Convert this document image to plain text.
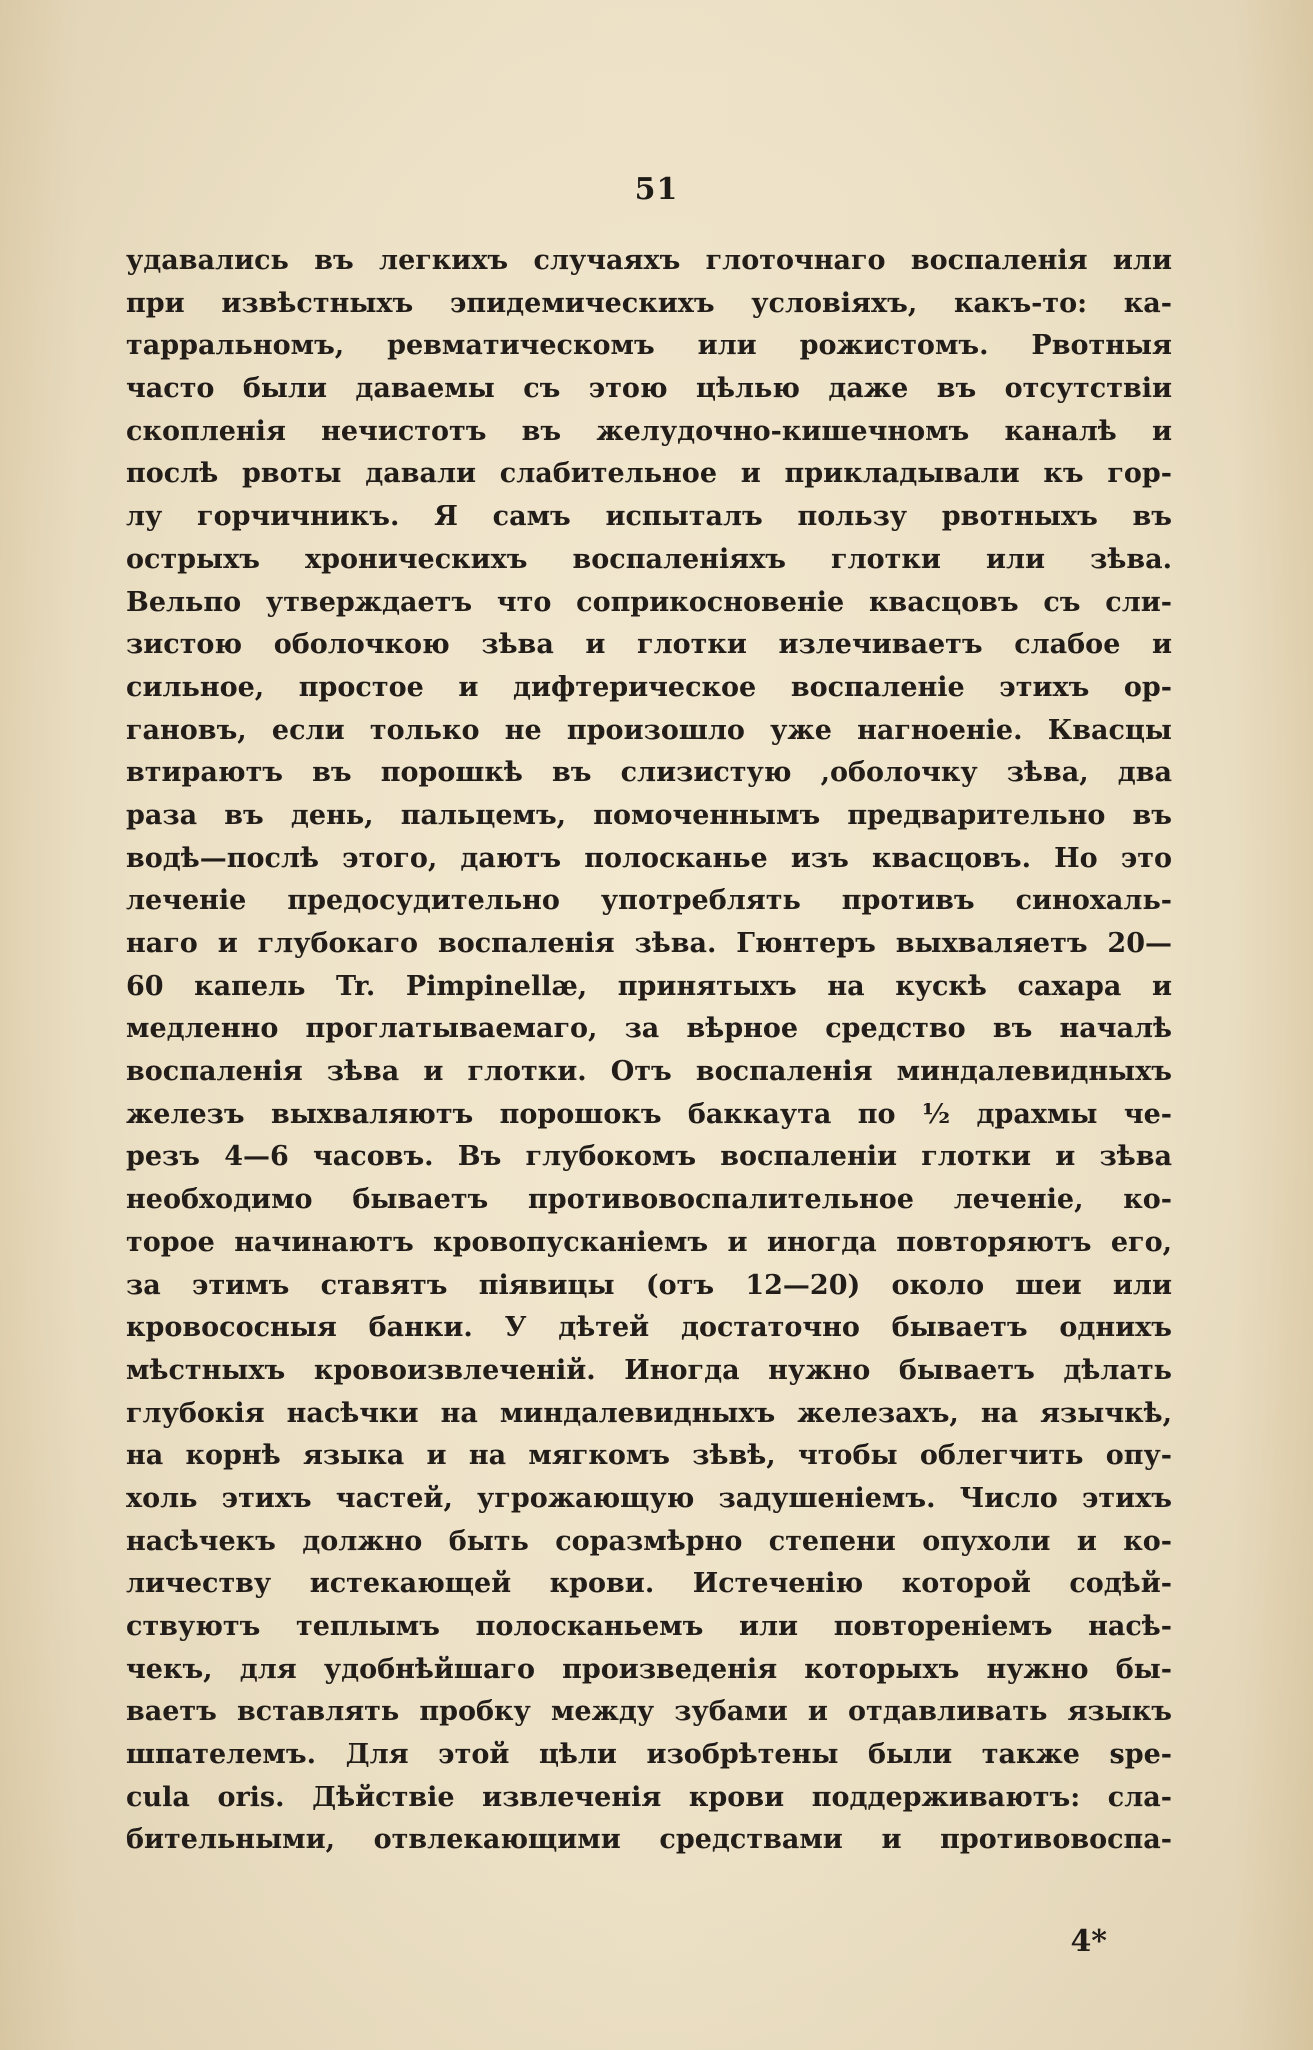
51
удавались въ легкихъ случаяхъ глоточнаго воспаленія или
при извѣстныхъ эпидемическихъ условіяхъ, какъ-то: ка-
тарральномъ, ревматическомъ или рожистомъ. Рвотныя
часто были даваемы съ этою цѣлью даже въ отсутствіи
скопленія нечистотъ въ желудочно-кишечномъ каналѣ и
послѣ рвоты давали слабительное и прикладывали къ гор-
лу горчичникъ. Я самъ испыталъ пользу рвотныхъ въ
острыхъ хроническихъ воспаленіяхъ глотки или зѣва.
Вельпо утверждаетъ что соприкосновеніе квасцовъ съ сли-
зистою оболочкою зѣва и глотки излечиваетъ слабое и
сильное, простое и дифтерическое воспаленіе этихъ ор-
гановъ, если только не произошло уже нагноеніе. Квасцы
втираютъ въ порошкѣ въ слизистую ,оболочку зѣва, два
раза въ день, пальцемъ, помоченнымъ предварительно въ
водѣ—послѣ этого, даютъ полосканье изъ квасцовъ. Но это
леченіе предосудительно употреблять противъ синохаль-
наго и глубокаго воспаленія зѣва. Гюнтеръ выхваляетъ 20—
60 капель Tr. Pimpinellæ, принятыхъ на кускѣ сахара и
медленно проглатываемаго, за вѣрное средство въ началѣ
воспаленія зѣва и глотки. Отъ воспаленія миндалевидныхъ
железъ выхваляютъ порошокъ баккаута по ½ драхмы че-
резъ 4—6 часовъ. Въ глубокомъ воспаленіи глотки и зѣва
необходимо бываетъ противовоспалительное леченіе, ко-
торое начинаютъ кровопусканіемъ и иногда повторяютъ его,
за этимъ ставятъ піявицы (отъ 12—20) около шеи или
кровососныя банки. У дѣтей достаточно бываетъ однихъ
мѣстныхъ кровоизвлеченій. Иногда нужно бываетъ дѣлать
глубокія насѣчки на миндалевидныхъ железахъ, на язычкѣ,
на корнѣ языка и на мягкомъ зѣвѣ, чтобы облегчить опу-
холь этихъ частей, угрожающую задушеніемъ. Число этихъ
насѣчекъ должно быть соразмѣрно степени опухоли и ко-
личеству истекающей крови. Истеченію которой содѣй-
ствуютъ теплымъ полосканьемъ или повтореніемъ насѣ-
чекъ, для удобнѣйшаго произведенія которыхъ нужно бы-
ваетъ вставлять пробку между зубами и отдавливать языкъ
шпателемъ. Для этой цѣли изобрѣтены были также spe-
cula oris. Дѣйствіе извлеченія крови поддерживаютъ: сла-
бительными, отвлекающими средствами и противовоспа-
4*
